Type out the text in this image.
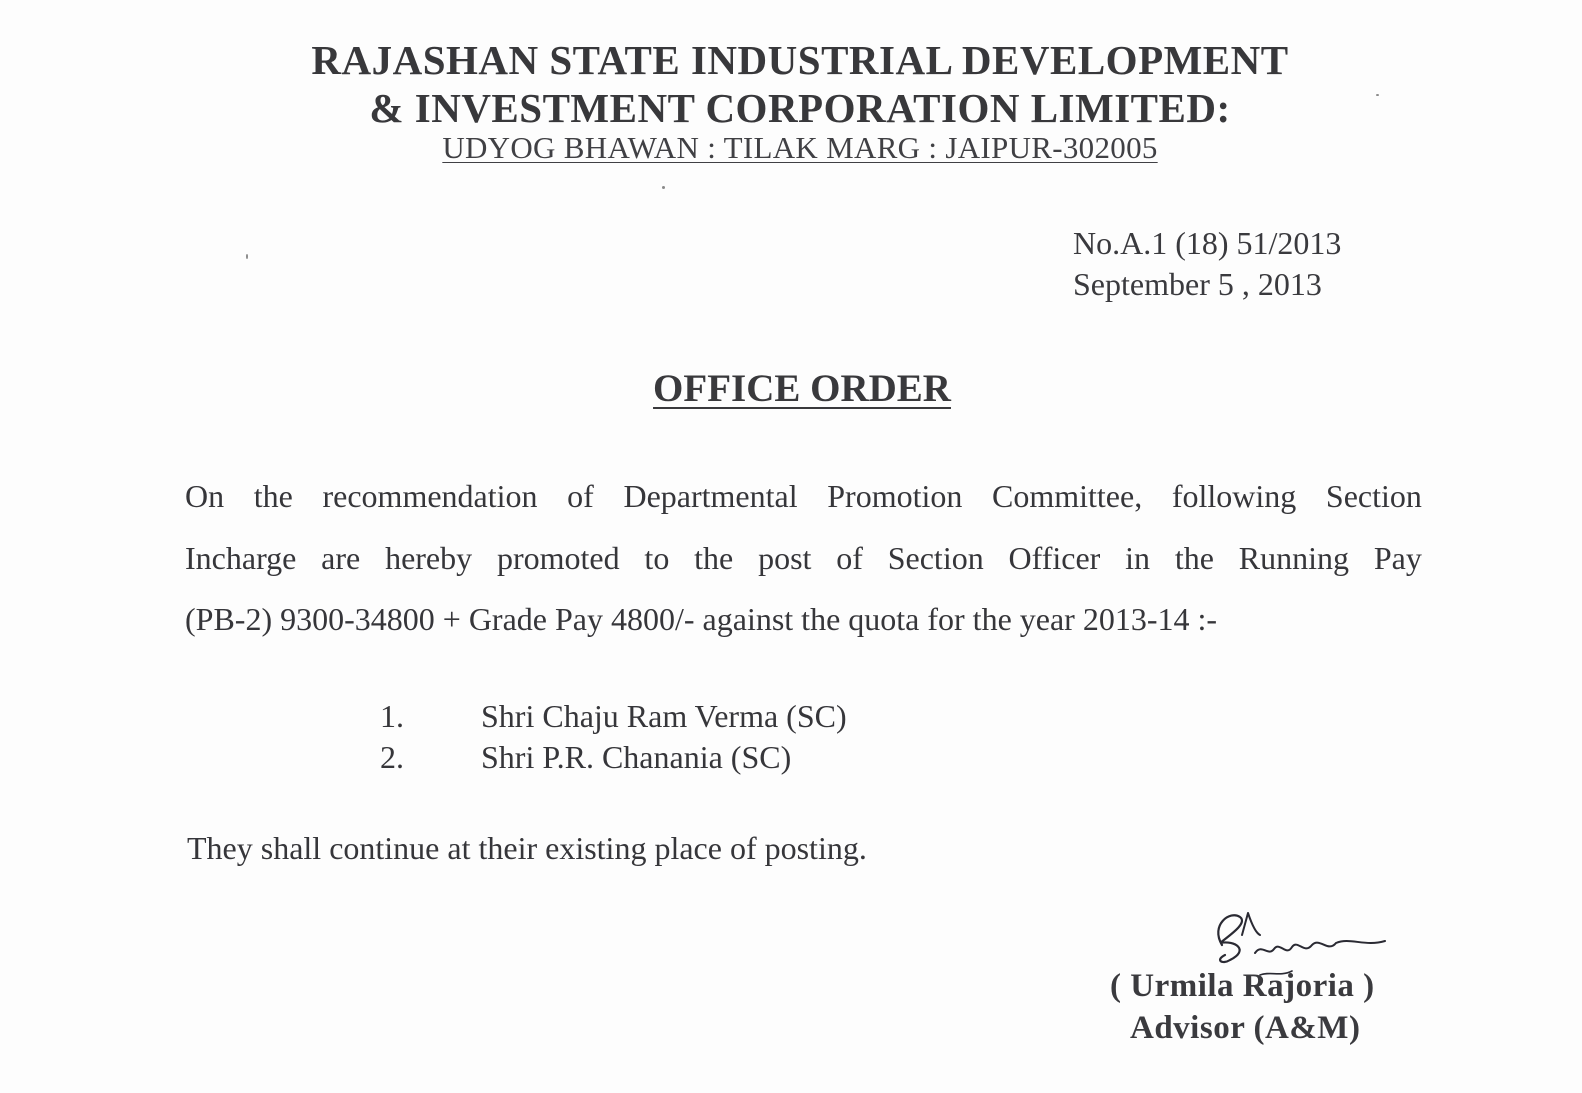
RAJASHAN STATE INDUSTRIAL DEVELOPMENT
& INVESTMENT CORPORATION LIMITED:
UDYOG BHAWAN : TILAK MARG : JAIPUR-302005
No.A.1 (18) 51/2013
September 5 , 2013
OFFICE ORDER
On the recommendation of Departmental Promotion Committee, following Section
Incharge are hereby promoted to the post of Section Officer in the Running Pay
(PB-2) 9300-34800 + Grade Pay 4800/- against the quota for the year 2013-14 :-
1. Shri Chaju Ram Verma (SC)
2. Shri P.R. Chanania (SC)
They shall continue at their existing place of posting.
( Urmila Rajoria )
Advisor (A&M)
